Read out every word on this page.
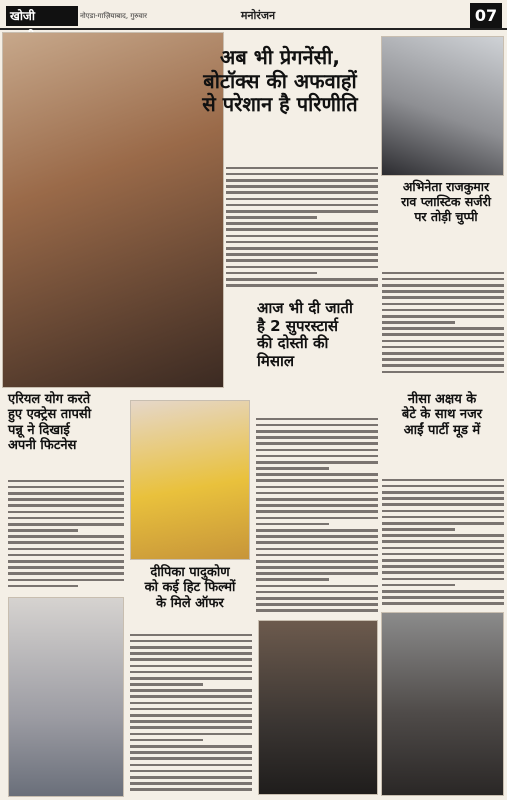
खोजी	नोएडा-गाज़ियाबाद, गुरुवार	मनोरंजन	07
अब भी प्रेगनेंसी,
बोटॉक्स की अफवाहों
से परेशान है परिणीति
अभिनेता राजकुमार
राव प्लास्टिक सर्जरी
पर तोड़ी चुप्पी
आज भी दी जाती
है 2 सुपरस्टार्स
की दोस्ती की
मिसाल
नीसा अक्षय के
बेटे के साथ नजर
आईं पार्टी मूड में
एरियल योग करते
हुए एक्ट्रेस तापसी
पन्नू ने दिखाई
अपनी फिटनेस
दीपिका पादुकोण
को कई हिट फिल्मों
के मिले ऑफर
